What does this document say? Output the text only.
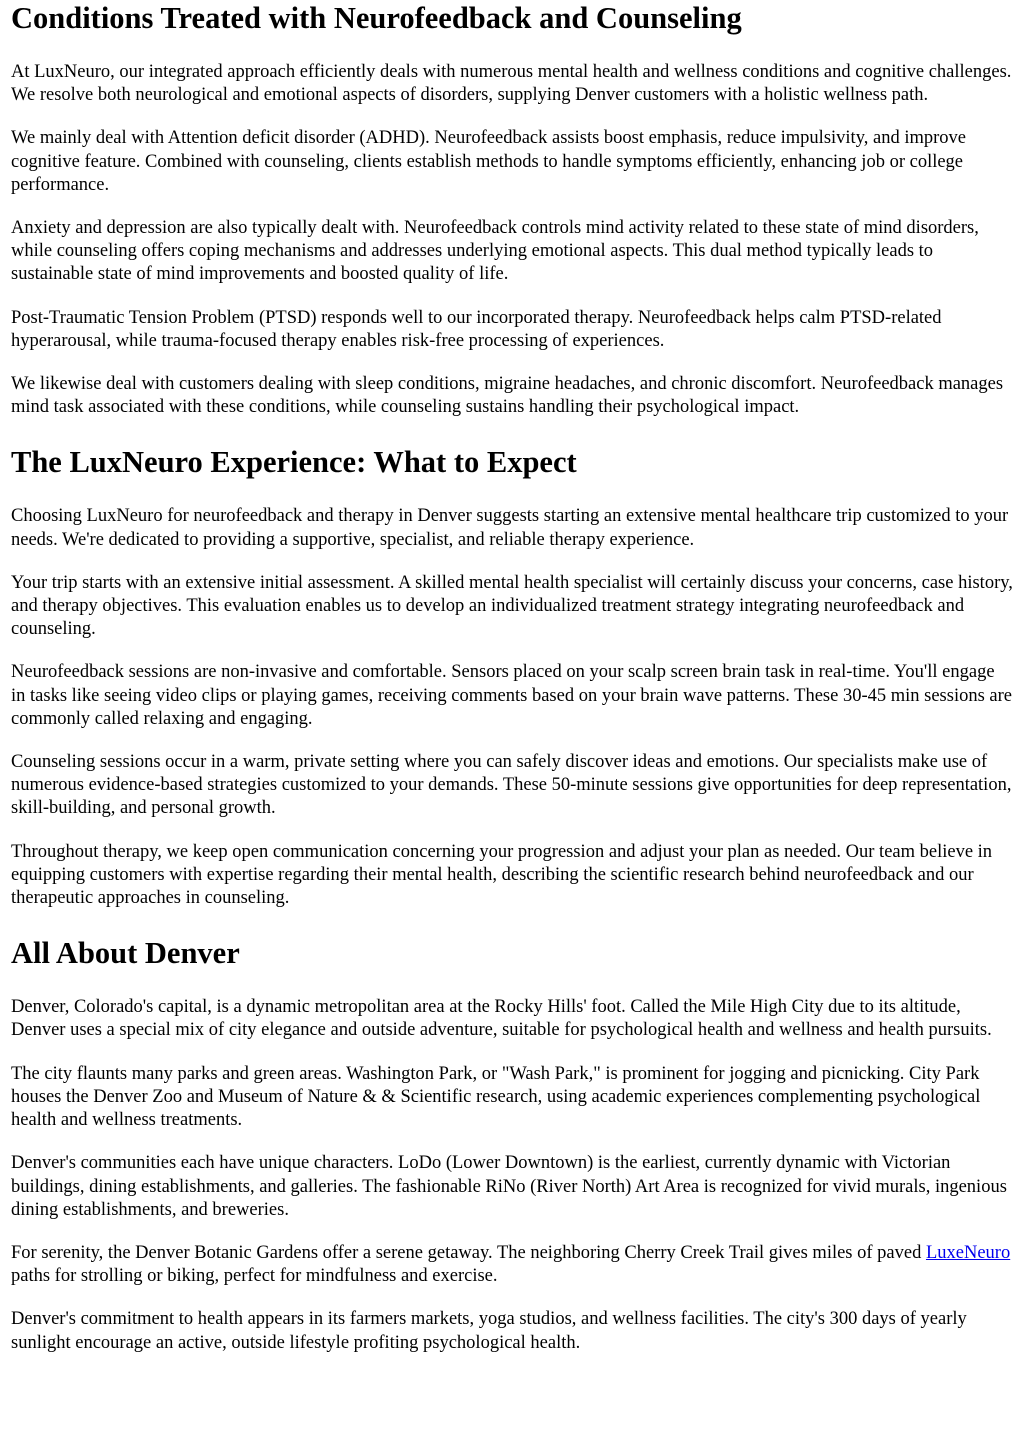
Conditions Treated with Neurofeedback and Counseling

At LuxNeuro, our integrated approach efficiently deals with numerous mental health and wellness conditions and cognitive challenges. We resolve both neurological and emotional aspects of disorders, supplying Denver customers with a holistic wellness path.

We mainly deal with Attention deficit disorder (ADHD). Neurofeedback assists boost emphasis, reduce impulsivity, and improve cognitive feature. Combined with counseling, clients establish methods to handle symptoms efficiently, enhancing job or college performance.

Anxiety and depression are also typically dealt with. Neurofeedback controls mind activity related to these state of mind disorders, while counseling offers coping mechanisms and addresses underlying emotional aspects. This dual method typically leads to sustainable state of mind improvements and boosted quality of life.

Post-Traumatic Tension Problem (PTSD) responds well to our incorporated therapy. Neurofeedback helps calm PTSD-related hyperarousal, while trauma-focused therapy enables risk-free processing of experiences.

We likewise deal with customers dealing with sleep conditions, migraine headaches, and chronic discomfort. Neurofeedback manages mind task associated with these conditions, while counseling sustains handling their psychological impact.

The LuxNeuro Experience: What to Expect

Choosing LuxNeuro for neurofeedback and therapy in Denver suggests starting an extensive mental healthcare trip customized to your needs. We're dedicated to providing a supportive, specialist, and reliable therapy experience.

Your trip starts with an extensive initial assessment. A skilled mental health specialist will certainly discuss your concerns, case history, and therapy objectives. This evaluation enables us to develop an individualized treatment strategy integrating neurofeedback and counseling.

Neurofeedback sessions are non-invasive and comfortable. Sensors placed on your scalp screen brain task in real-time. You'll engage in tasks like seeing video clips or playing games, receiving comments based on your brain wave patterns. These 30-45 min sessions are commonly called relaxing and engaging.

Counseling sessions occur in a warm, private setting where you can safely discover ideas and emotions. Our specialists make use of numerous evidence-based strategies customized to your demands. These 50-minute sessions give opportunities for deep representation, skill-building, and personal growth.

Throughout therapy, we keep open communication concerning your progression and adjust your plan as needed. Our team believe in equipping customers with expertise regarding their mental health, describing the scientific research behind neurofeedback and our therapeutic approaches in counseling.

All About Denver

Denver, Colorado's capital, is a dynamic metropolitan area at the Rocky Hills' foot. Called the Mile High City due to its altitude, Denver uses a special mix of city elegance and outside adventure, suitable for psychological health and wellness and health pursuits.

The city flaunts many parks and green areas. Washington Park, or "Wash Park," is prominent for jogging and picnicking. City Park houses the Denver Zoo and Museum of Nature & & Scientific research, using academic experiences complementing psychological health and wellness treatments.

Denver's communities each have unique characters. LoDo (Lower Downtown) is the earliest, currently dynamic with Victorian buildings, dining establishments, and galleries. The fashionable RiNo (River North) Art Area is recognized for vivid murals, ingenious dining establishments, and breweries.

For serenity, the Denver Botanic Gardens offer a serene getaway. The neighboring Cherry Creek Trail gives miles of paved LuxeNeuro paths for strolling or biking, perfect for mindfulness and exercise.

Denver's commitment to health appears in its farmers markets, yoga studios, and wellness facilities. The city's 300 days of yearly sunlight encourage an active, outside lifestyle profiting psychological health.
